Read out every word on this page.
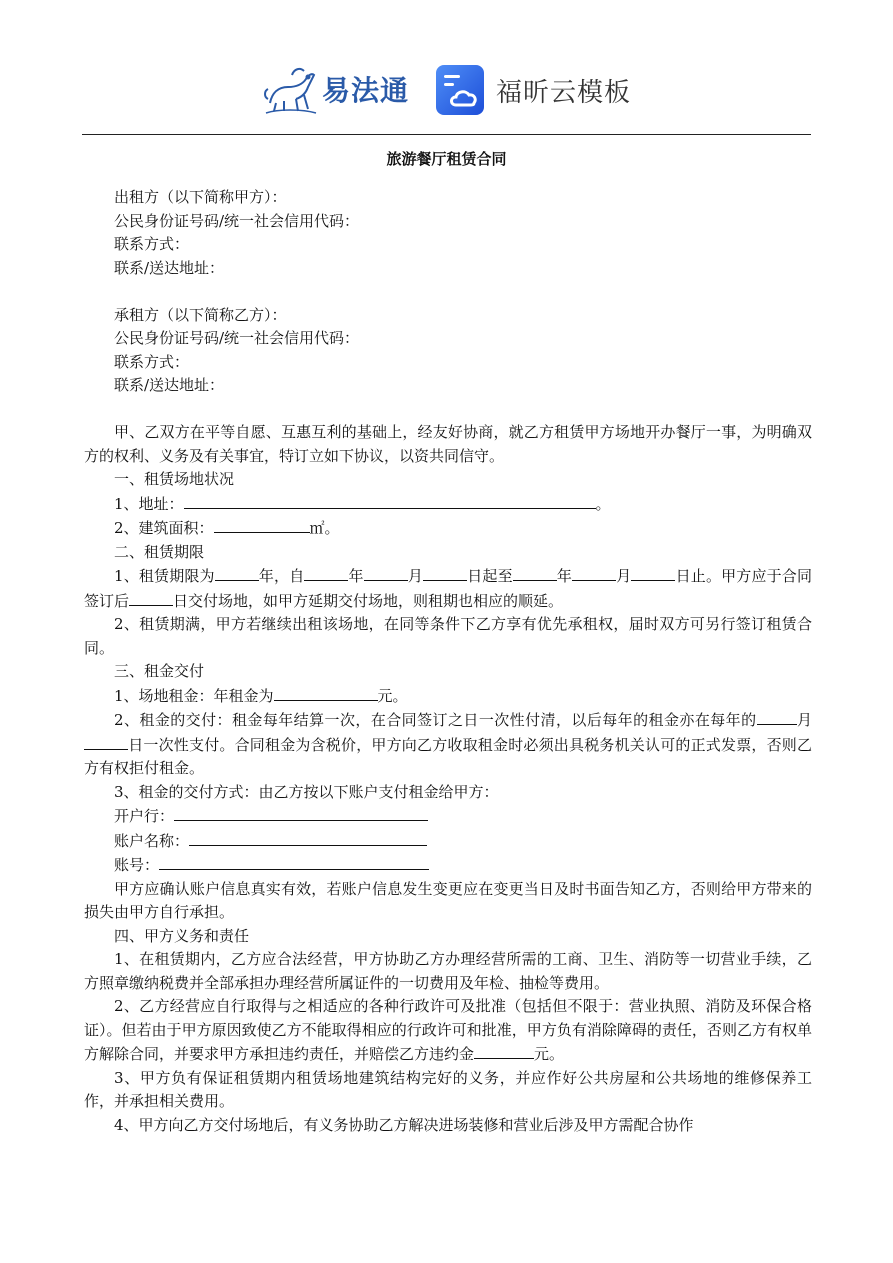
易法通	福昕云模板
旅游餐厅租赁合同

出租方（以下简称甲方）：

公民身份证号码/统一社会信用代码：

联系方式：

联系/送达地址：

承租方（以下简称乙方）：

公民身份证号码/统一社会信用代码：

联系方式：

联系/送达地址：

甲、乙双方在平等自愿、互惠互利的基础上，经友好协商，就乙方租赁甲方场地开办餐厅一事，为明确双方的权利、义务及有关事宜，特订立如下协议，以资共同信守。

一、租赁场地状况

1、地址：	。

2、建筑面积：	㎡。

二、租赁期限

1、租赁期限为	年，自	年	月	日起至	年	月	日止。甲方应于合同签订后	日交付场地，如甲方延期交付场地，则租期也相应的顺延。

2、租赁期满，甲方若继续出租该场地，在同等条件下乙方享有优先承租权，届时双方可另行签订租赁合同。

三、租金交付

1、场地租金：年租金为	元。

2、租金的交付：租金每年结算一次，在合同签订之日一次性付清，以后每年的租金亦在每年的	月日一次性支付。合同租金为含税价，甲方向乙方收取租金时必须出具税务机关认可的正式发票，否则乙方有权拒付租金。

3、租金的交付方式：由乙方按以下账户支付租金给甲方：

开户行：

账户名称：

账号：

甲方应确认账户信息真实有效，若账户信息发生变更应在变更当日及时书面告知乙方，否则给甲方带来的损失由甲方自行承担。

四、甲方义务和责任

1、在租赁期内，乙方应合法经营，甲方协助乙方办理经营所需的工商、卫生、消防等一切营业手续，乙方照章缴纳税费并全部承担办理经营所属证件的一切费用及年检、抽检等费用。

2、乙方经营应自行取得与之相适应的各种行政许可及批准（包括但不限于：营业执照、消防及环保合格证）。但若由于甲方原因致使乙方不能取得相应的行政许可和批准，甲方负有消除障碍的责任，否则乙方有权单方解除合同，并要求甲方承担违约责任，并赔偿乙方违约金	元。

3、甲方负有保证租赁期内租赁场地建筑结构完好的义务，并应作好公共房屋和公共场地的维修保养工作，并承担相关费用。

4、甲方向乙方交付场地后，有义务协助乙方解决进场装修和营业后涉及甲方需配合协作
